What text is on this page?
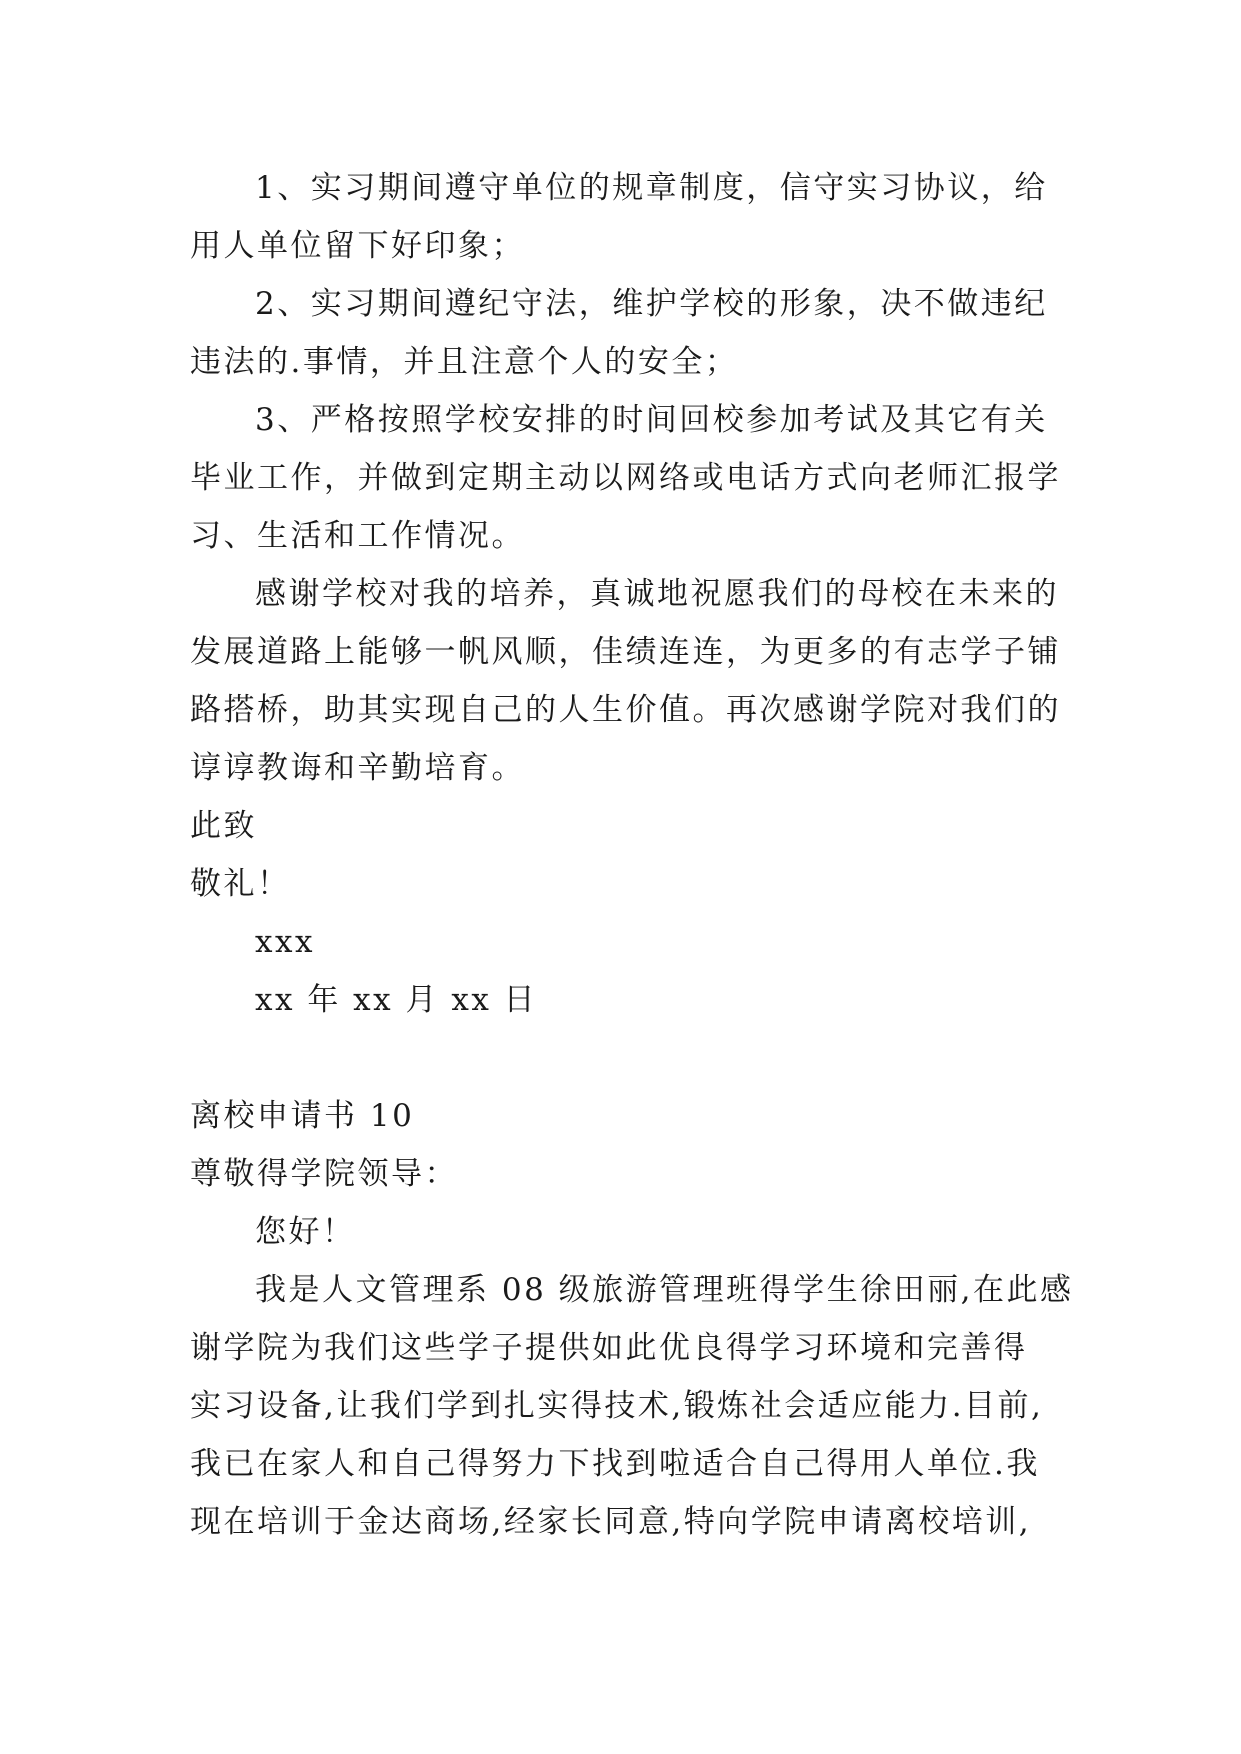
1、实习期间遵守单位的规章制度，信守实习协议，给
用人单位留下好印象；
2、实习期间遵纪守法，维护学校的形象，决不做违纪
违法的.事情，并且注意个人的安全；
3、严格按照学校安排的时间回校参加考试及其它有关
毕业工作，并做到定期主动以网络或电话方式向老师汇报学
习、生活和工作情况。
感谢学校对我的培养，真诚地祝愿我们的母校在未来的
发展道路上能够一帆风顺，佳绩连连，为更多的有志学子铺
路搭桥，助其实现自己的人生价值。再次感谢学院对我们的
谆谆教诲和辛勤培育。
此致
敬礼！
xxx
xx 年 xx 月 xx 日
离校申请书 10
尊敬得学院领导：
您好！
我是人文管理系 08 级旅游管理班得学生徐田丽,在此感
谢学院为我们这些学子提供如此优良得学习环境和完善得
实习设备,让我们学到扎实得技术,锻炼社会适应能力.目前,
我已在家人和自己得努力下找到啦适合自己得用人单位.我
现在培训于金达商场,经家长同意,特向学院申请离校培训,
